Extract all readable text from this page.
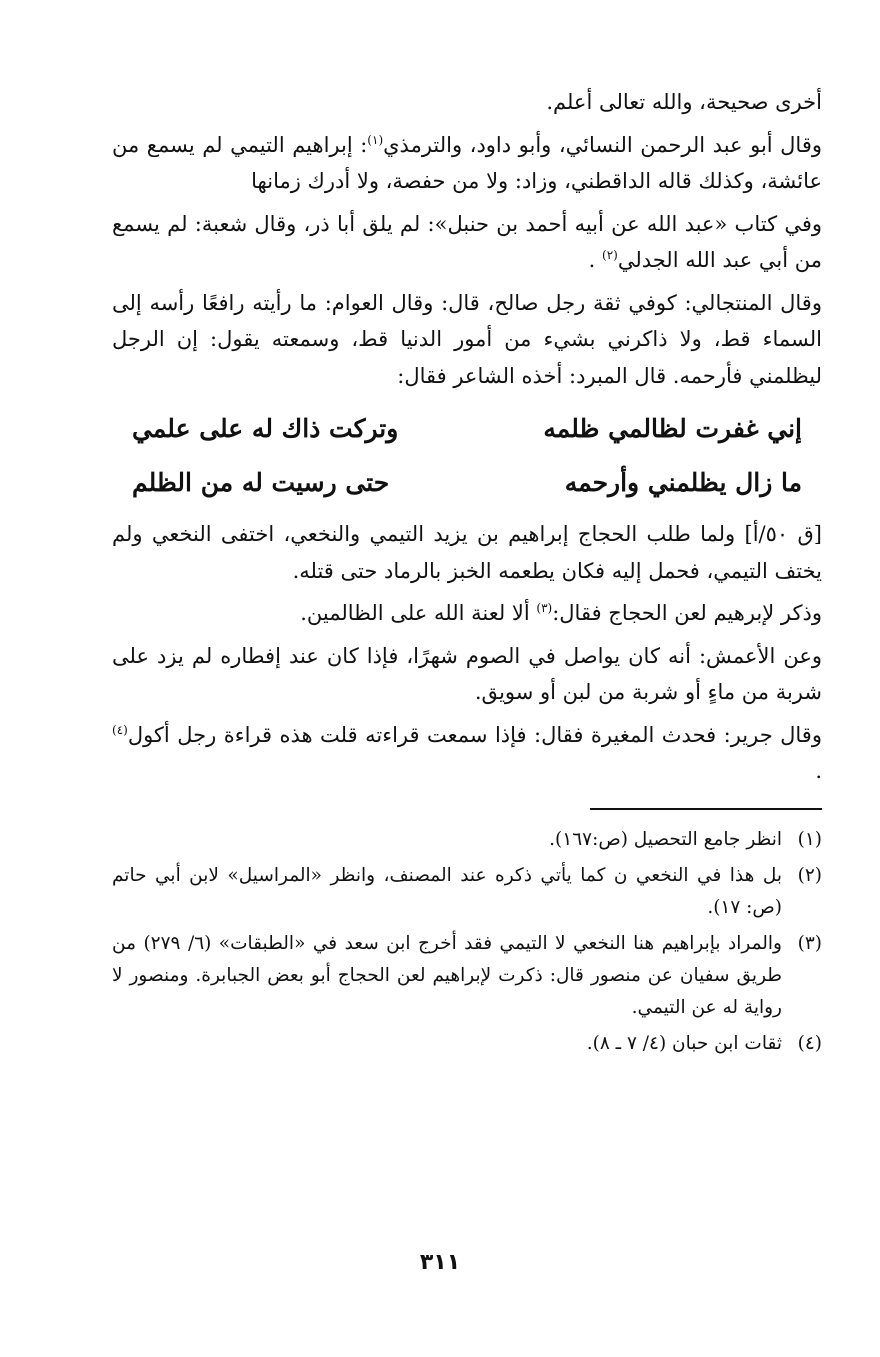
أخرى صحيحة، والله تعالى أعلم.

وقال أبو عبد الرحمن النسائي، وأبو داود، والترمذي$^{(١)}$: إبراهيم التيمي لم يسمع من عائشة، وكذلك قاله الداقطني، وزاد: ولا من حفصة، ولا أدرك زمانها

وفي كتاب «عبد الله عن أبيه أحمد بن حنبل»: لم يلق أبا ذر، وقال شعبة: لم يسمع من أبي عبد الله الجدلي$^{(٢)}$ .

وقال المنتجالي: كوفي ثقة رجل صالح، قال: وقال العوام: ما رأيته رافعًا رأسه إلى السماء قط، ولا ذاكرني بشيء من أمور الدنيا قط، وسمعته يقول: إن الرجل ليظلمني فأرحمه. قال المبرد: أخذه الشاعر فقال:

إني غفرت لظالمي ظلمه
وتركت ذاك له على علمي
ما زال يظلمني وأرحمه
حتى رسيت له من الظلم

[ق ٥٠/أ] ولما طلب الحجاج إبراهيم بن يزيد التيمي والنخعي، اختفى النخعي ولم يختف التيمي، فحمل إليه فكان يطعمه الخبز بالرماد حتى قتله.

وذكر لإبرهيم لعن الحجاج فقال:$^{(٣)}$ ألا لعنة الله على الظالمين.

وعن الأعمش: أنه كان يواصل في الصوم شهرًا، فإذا كان عند إفطاره لم يزد على شربة من ماءٍ أو شربة من لبن أو سويق.

وقال جرير: فحدث المغيرة فقال: فإذا سمعت قراءته قلت هذه قراءة رجل أكول$^{(٤)}$ .

(١)
انظر جامع التحصيل (ص:١٦٧).
(٢)
بل هذا في النخعي ن كما يأتي ذكره عند المصنف، وانظر «المراسيل» لابن أبي حاتم (ص: ١٧).
(٣)
والمراد بإبراهيم هنا النخعي لا التيمي فقد أخرج ابن سعد في «الطبقات» (٦/ ٢٧٩) من طريق سفيان عن منصور قال: ذكرت لإبراهيم لعن الحجاج أبو بعض الجبابرة. ومنصور لا رواية له عن التيمي.
(٤)
ثقات ابن حبان (٤/ ٧ ـ ٨).
٣١١
